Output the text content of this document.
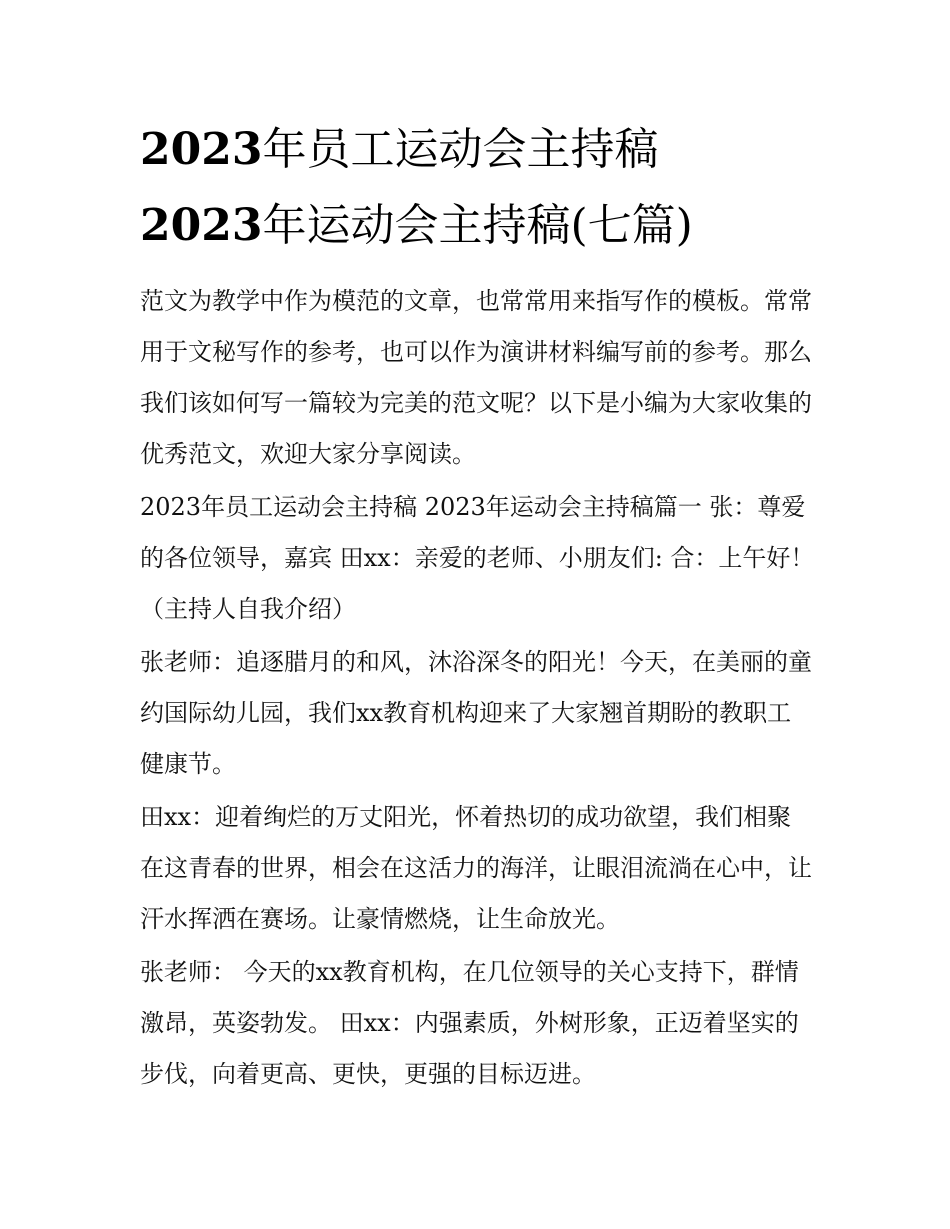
2023年员工运动会主持稿
2023年运动会主持稿(七篇)

范文为教学中作为模范的文章，也常常用来指写作的模板。常常用于文秘写作的参考，也可以作为演讲材料编写前的参考。那么我们该如何写一篇较为完美的范文呢？以下是小编为大家收集的优秀范文，欢迎大家分享阅读。

2023年员工运动会主持稿 2023年运动会主持稿篇一 张：尊爱的各位领导，嘉宾 田xx：亲爱的老师、小朋友们: 合：上午好！（主持人自我介绍）

张老师：追逐腊月的和风，沐浴深冬的阳光！今天，在美丽的童约国际幼儿园，我们xx教育机构迎来了大家翘首期盼的教职工健康节。

田xx：迎着绚烂的万丈阳光，怀着热切的成功欲望，我们相聚在这青春的世界，相会在这活力的海洋，让眼泪流淌在心中，让汗水挥洒在赛场。让豪情燃烧，让生命放光。

张老师： 今天的xx教育机构，在几位领导的关心支持下，群情激昂，英姿勃发。 田xx：内强素质，外树形象，正迈着坚实的步伐，向着更高、更快，更强的目标迈进。
